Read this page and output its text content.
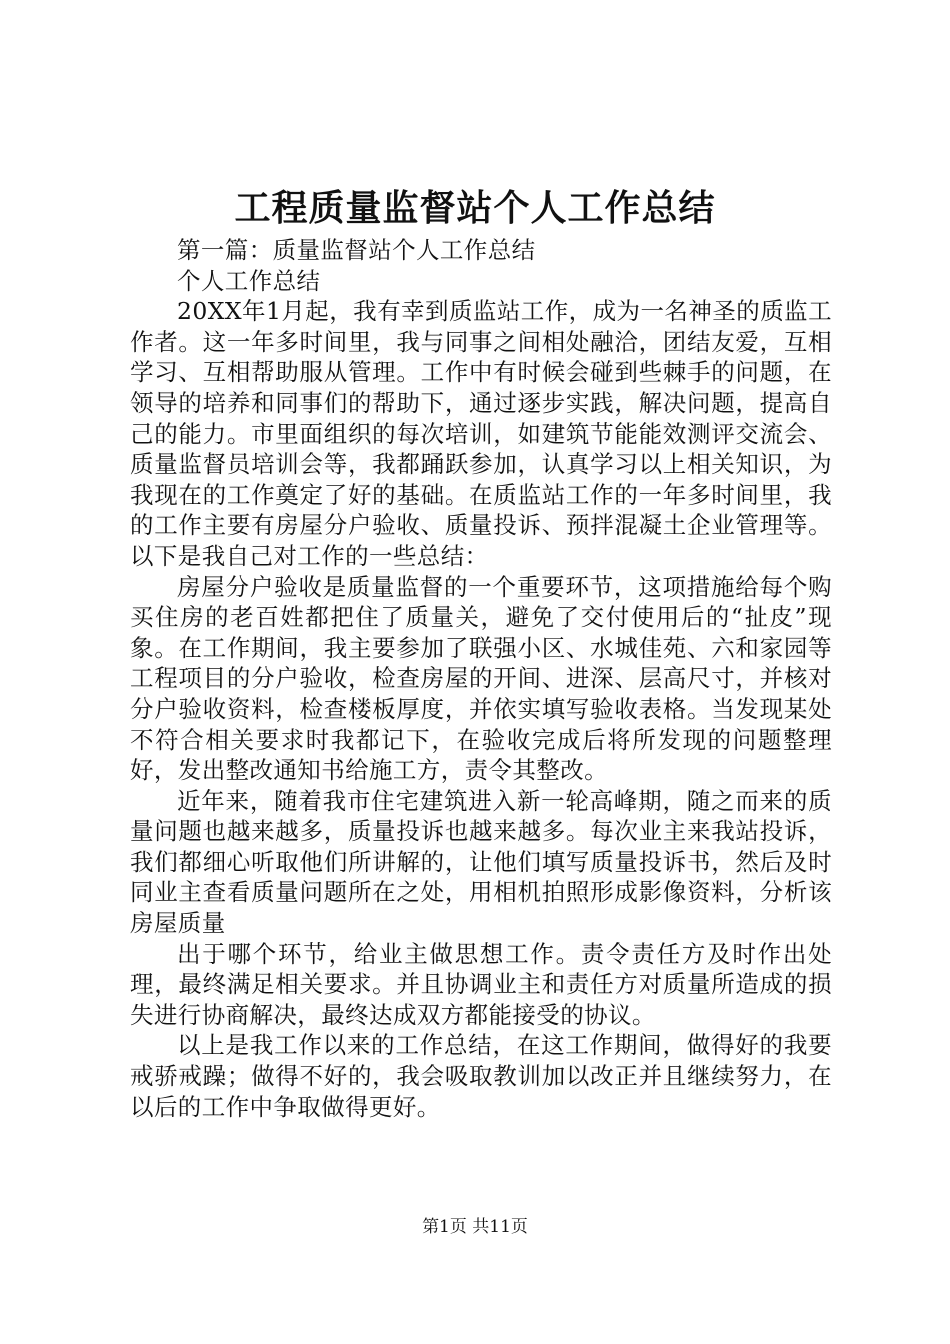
工程质量监督站个人工作总结

第一篇：质量监督站个人工作总结

个人工作总结

20XX年1月起，我有幸到质监站工作，成为一名神圣的质监工作者。这一年多时间里，我与同事之间相处融洽，团结友爱，互相学习、互相帮助服从管理。工作中有时候会碰到些棘手的问题，在领导的培养和同事们的帮助下，通过逐步实践，解决问题，提高自己的能力。市里面组织的每次培训，如建筑节能能效测评交流会、质量监督员培训会等，我都踊跃参加，认真学习以上相关知识，为我现在的工作奠定了好的基础。在质监站工作的一年多时间里，我的工作主要有房屋分户验收、质量投诉、预拌混凝土企业管理等。以下是我自己对工作的一些总结：

房屋分户验收是质量监督的一个重要环节，这项措施给每个购买住房的老百姓都把住了质量关，避免了交付使用后的“扯皮”现象。在工作期间，我主要参加了联强小区、水城佳苑、六和家园等工程项目的分户验收，检查房屋的开间、进深、层高尺寸，并核对分户验收资料，检查楼板厚度，并依实填写验收表格。当发现某处不符合相关要求时我都记下，在验收完成后将所发现的问题整理好，发出整改通知书给施工方，责令其整改。

近年来，随着我市住宅建筑进入新一轮高峰期，随之而来的质量问题也越来越多，质量投诉也越来越多。每次业主来我站投诉，我们都细心听取他们所讲解的，让他们填写质量投诉书，然后及时同业主查看质量问题所在之处，用相机拍照形成影像资料，分析该房屋质量

出于哪个环节，给业主做思想工作。责令责任方及时作出处理，最终满足相关要求。并且协调业主和责任方对质量所造成的损失进行协商解决，最终达成双方都能接受的协议。

以上是我工作以来的工作总结，在这工作期间，做得好的我要戒骄戒躁；做得不好的，我会吸取教训加以改正并且继续努力，在以后的工作中争取做得更好。

第1页 共11页
